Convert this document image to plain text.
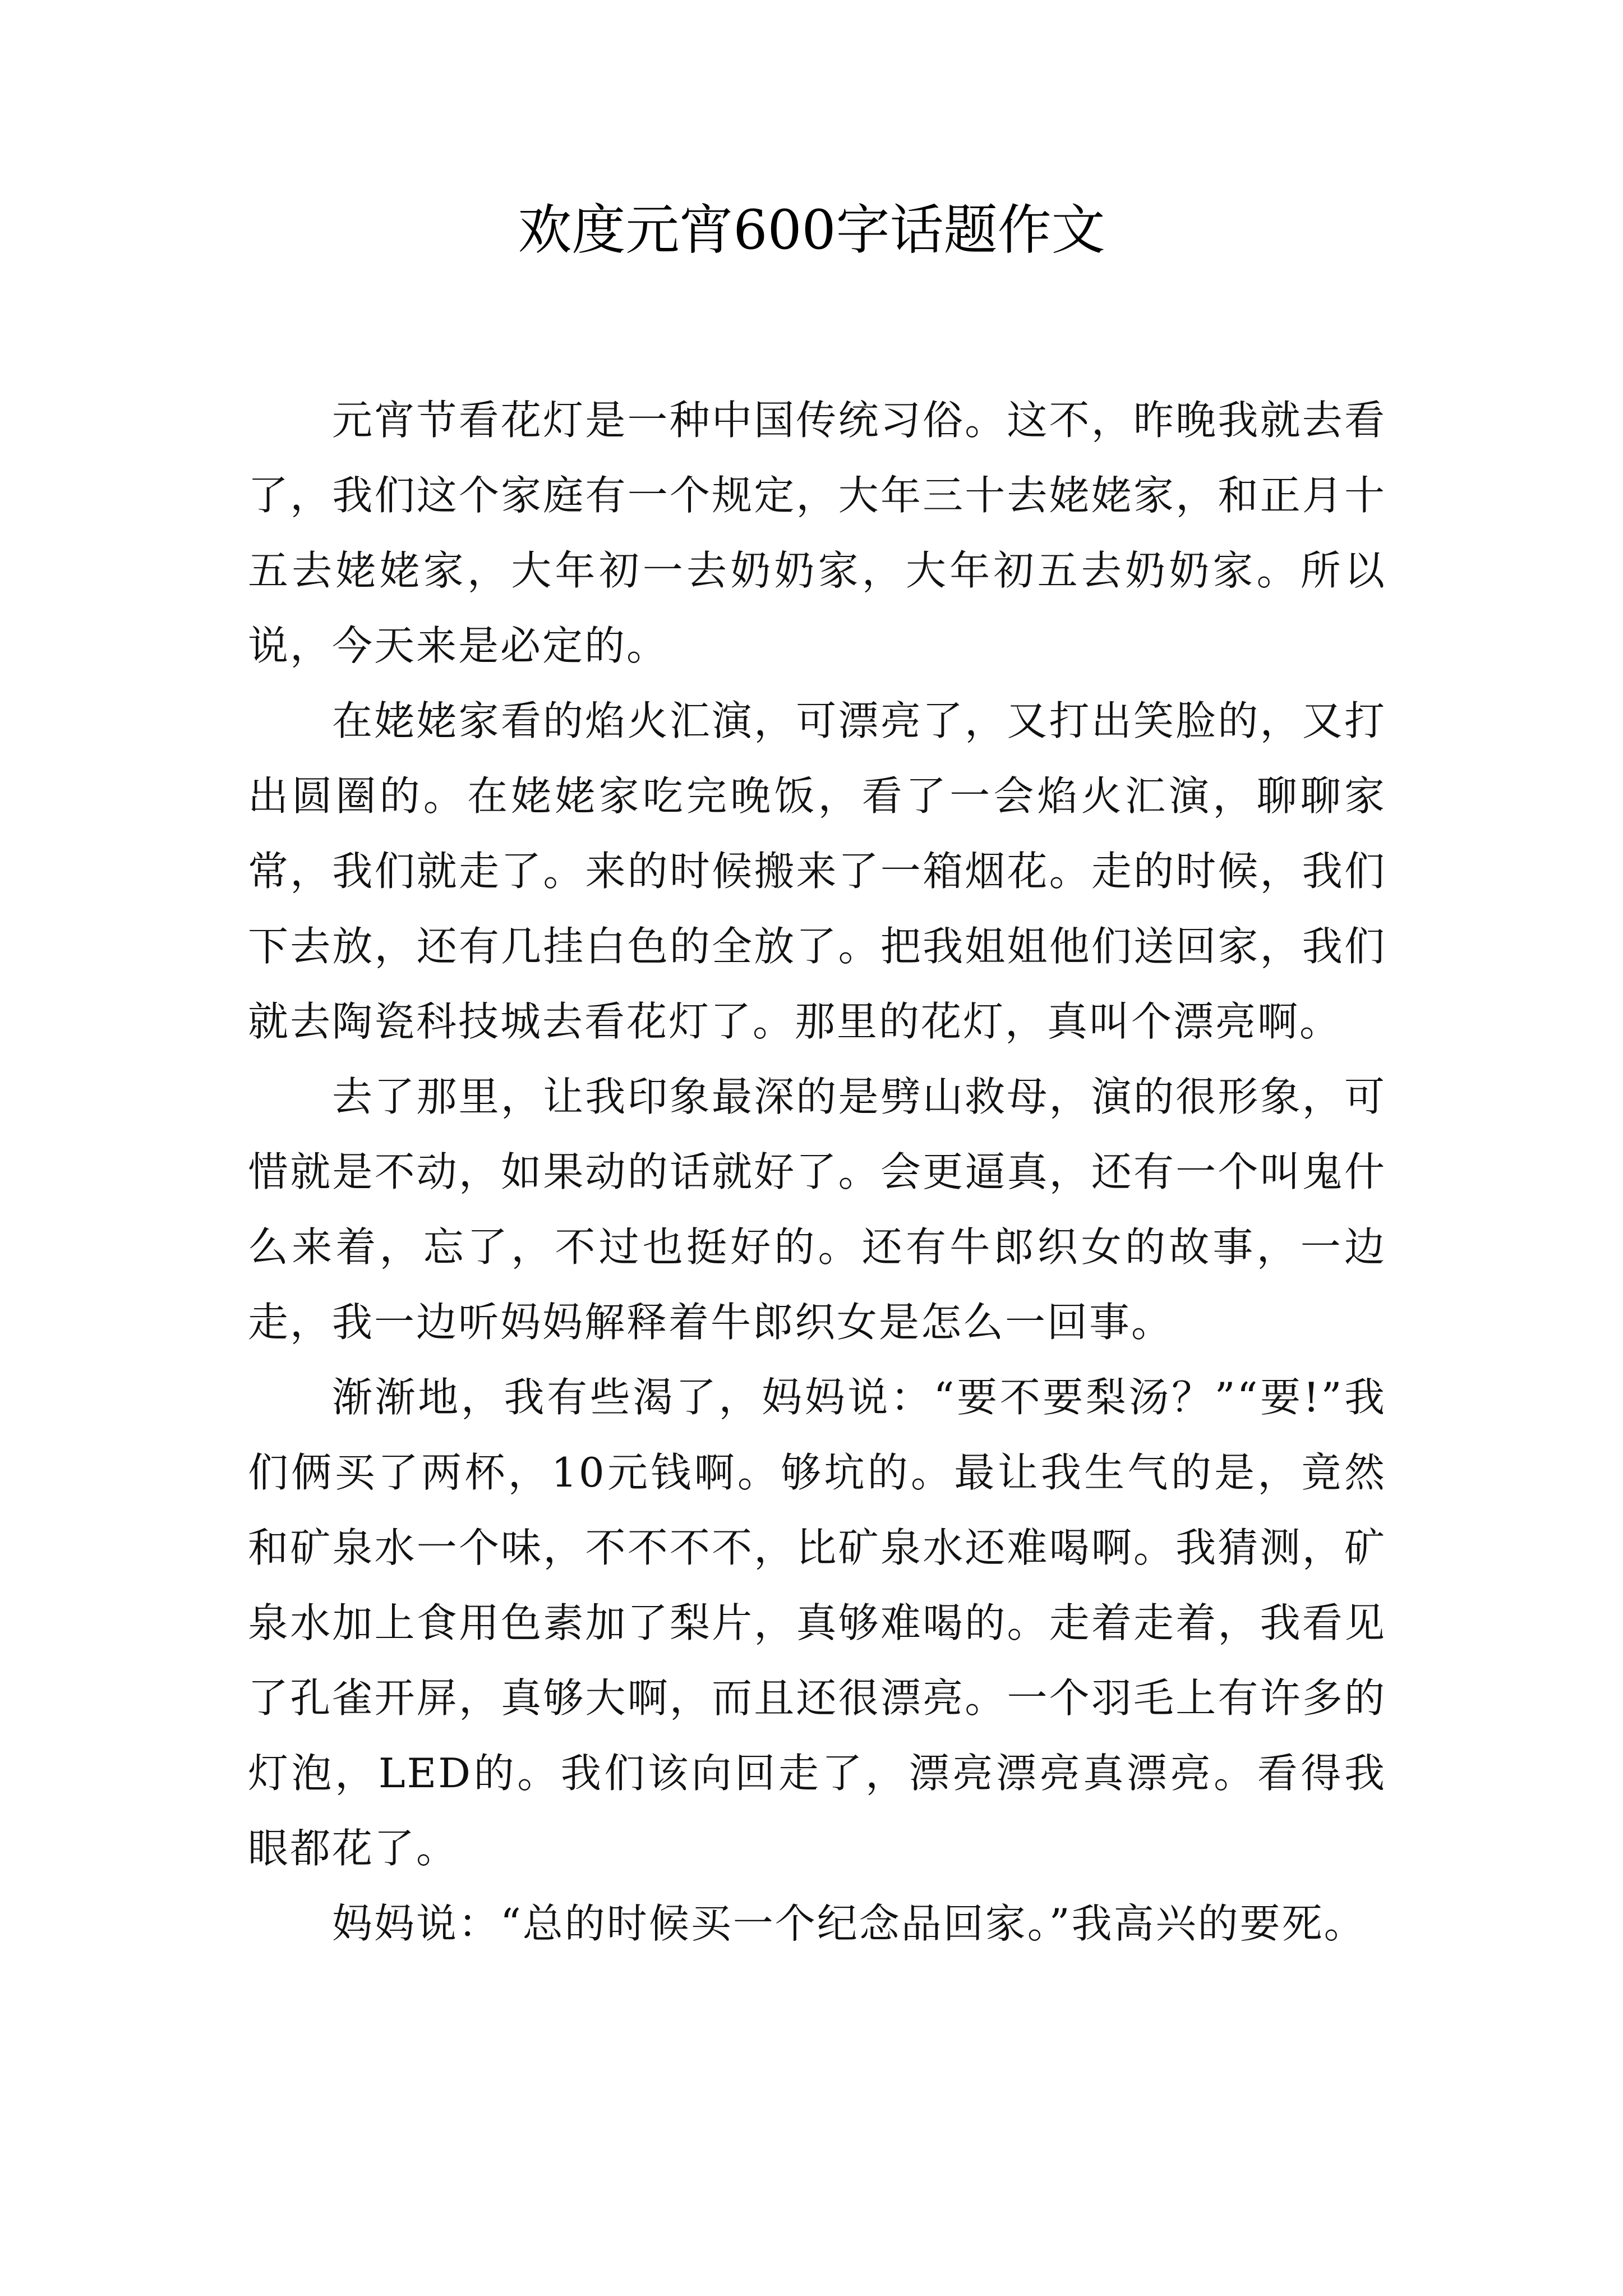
欢度元宵600字话题作文

元宵节看花灯是一种中国传统习俗。这不，昨晚我就去看了，我们这个家庭有一个规定，大年三十去姥姥家，和正月十五去姥姥家，大年初一去奶奶家，大年初五去奶奶家。所以说，今天来是必定的。

在姥姥家看的焰火汇演，可漂亮了，又打出笑脸的，又打出圆圈的。在姥姥家吃完晚饭，看了一会焰火汇演，聊聊家常，我们就走了。来的时候搬来了一箱烟花。走的时候，我们下去放，还有几挂白色的全放了。把我姐姐他们送回家，我们就去陶瓷科技城去看花灯了。那里的花灯，真叫个漂亮啊。

去了那里，让我印象最深的是劈山救母，演的很形象，可惜就是不动，如果动的话就好了。会更逼真，还有一个叫鬼什么来着，忘了，不过也挺好的。还有牛郎织女的故事，一边走，我一边听妈妈解释着牛郎织女是怎么一回事。

渐渐地，我有些渴了，妈妈说：“要不要梨汤？”“要!”我们俩买了两杯，10元钱啊。够坑的。最让我生气的是，竟然和矿泉水一个味，不不不不，比矿泉水还难喝啊。我猜测，矿泉水加上食用色素加了梨片，真够难喝的。走着走着，我看见了孔雀开屏，真够大啊，而且还很漂亮。一个羽毛上有许多的灯泡，LED的。我们该向回走了，漂亮漂亮真漂亮。看得我眼都花了。

妈妈说：“总的时候买一个纪念品回家。”我高兴的要死。
